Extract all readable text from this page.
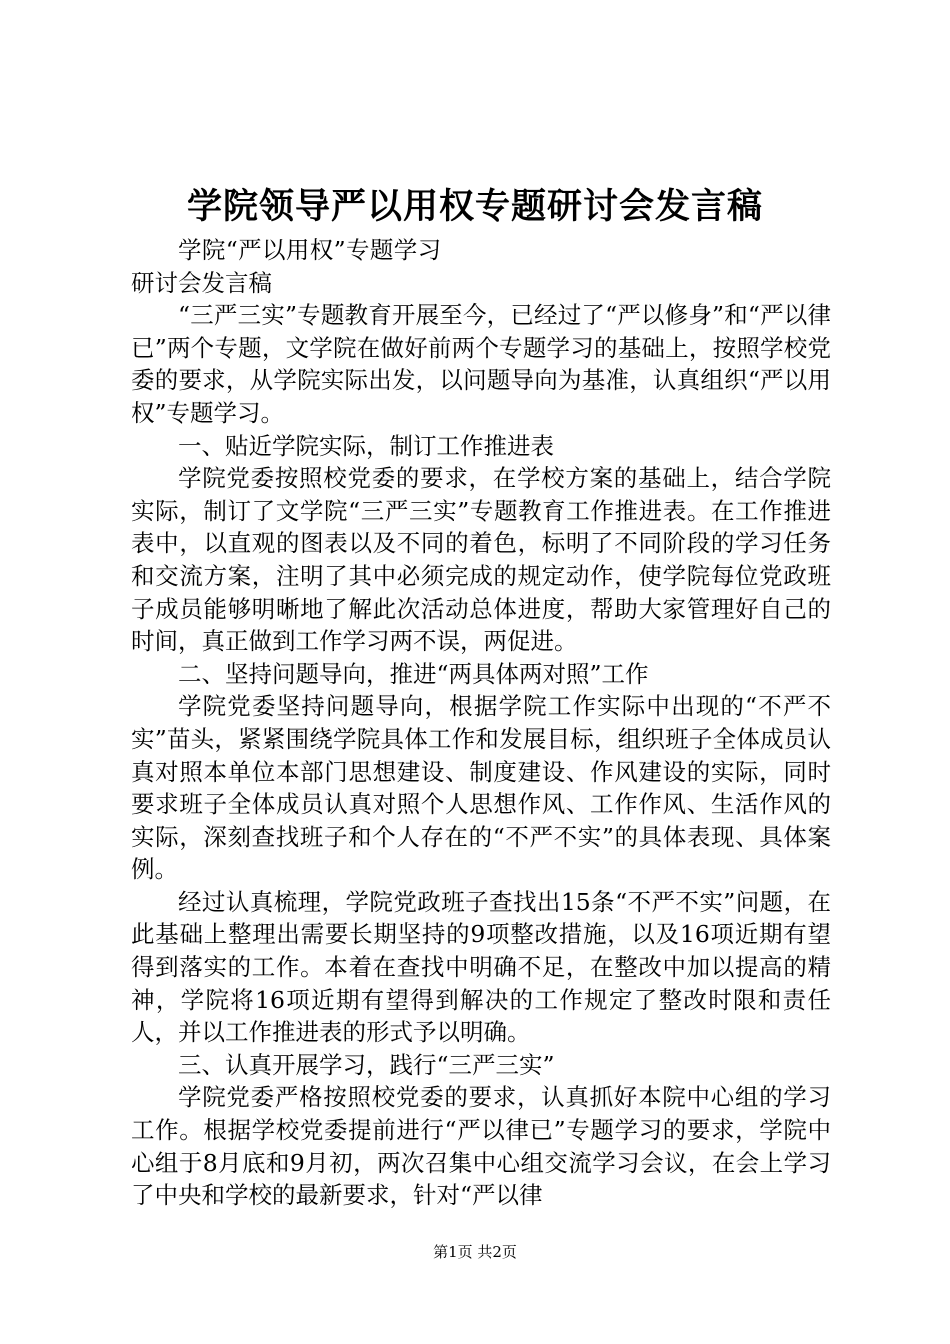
学院领导严以用权专题研讨会发言稿

学院“严以用权”专题学习研讨会发言稿

“三严三实”专题教育开展至今，已经过了“严以修身”和“严以律已”两个专题，文学院在做好前两个专题学习的基础上，按照学校党委的要求，从学院实际出发，以问题导向为基准，认真组织“严以用权”专题学习。

一、贴近学院实际，制订工作推进表

学院党委按照校党委的要求，在学校方案的基础上，结合学院实际，制订了文学院“三严三实”专题教育工作推进表。在工作推进表中，以直观的图表以及不同的着色，标明了不同阶段的学习任务和交流方案，注明了其中必须完成的规定动作，使学院每位党政班子成员能够明晰地了解此次活动总体进度，帮助大家管理好自己的时间，真正做到工作学习两不误，两促进。

二、坚持问题导向，推进“两具体两对照”工作

学院党委坚持问题导向，根据学院工作实际中出现的“不严不实”苗头，紧紧围绕学院具体工作和发展目标，组织班子全体成员认真对照本单位本部门思想建设、制度建设、作风建设的实际，同时要求班子全体成员认真对照个人思想作风、工作作风、生活作风的实际，深刻查找班子和个人存在的“不严不实”的具体表现、具体案例。

经过认真梳理，学院党政班子查找出15条“不严不实”问题，在此基础上整理出需要长期坚持的9项整改措施，以及16项近期有望得到落实的工作。本着在查找中明确不足，在整改中加以提高的精神，学院将16项近期有望得到解决的工作规定了整改时限和责任人，并以工作推进表的形式予以明确。

三、认真开展学习，践行“三严三实”

学院党委严格按照校党委的要求，认真抓好本院中心组的学习工作。根据学校党委提前进行“严以律已”专题学习的要求，学院中心组于8月底和9月初，两次召集中心组交流学习会议，在会上学习了中央和学校的最新要求，针对“严以律

第1页 共2页
